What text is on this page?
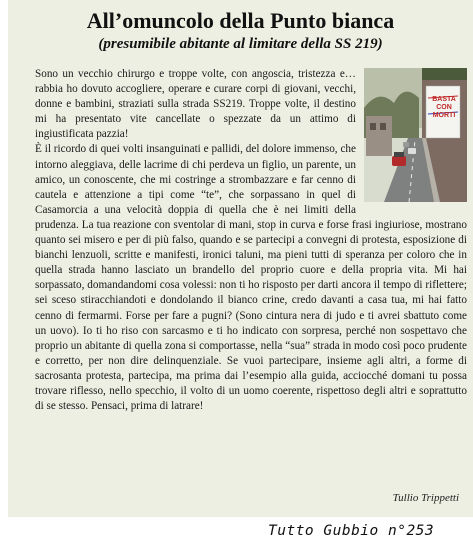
All’omuncolo della Punto bianca
(presumibile abitante al limitare della SS 219)
BASTA CON MORTI

Sono un vecchio chirurgo e troppe volte, con angoscia, tristezza e… rabbia ho dovuto accogliere, operare e curare corpi di giovani, vecchi, donne e bambini, straziati sulla strada SS219. Troppe volte, il destino mi ha presentato vite cancellate o spezzate da un attimo di ingiustificata pazzia!

È il ricordo di quei volti insanguinati e pallidi, del dolore immenso, che intorno aleggiava, delle lacrime di chi perdeva un figlio, un parente, un amico, un conoscente, che mi costringe a strombazzare e far cenno di cautela e attenzione a tipi come “te”, che sorpassano in quel di Casamorcia a una velocità doppia di quella che è nei limiti della prudenza. La tua reazione con sventolar di mani, stop in curva e forse frasi ingiuriose, mostrano quanto sei misero e per di più falso, quando e se partecipi a convegni di protesta, esposizione di bianchi lenzuoli, scritte e manifesti, ironici taluni, ma pieni tutti di speranza per coloro che in quella strada hanno lasciato un brandello del proprio cuore e della propria vita. Mi hai sorpassato, domandandomi cosa volessi: non ti ho risposto per darti ancora il tempo di riflettere; sei sceso stiracchiandoti e dondolando il bianco crine, credo davanti a casa tua, mi hai fatto cenno di fermarmi. Forse per fare a pugni? (Sono cintura nera di judo e ti avrei sbattuto come un uovo). Io ti ho riso con sarcasmo e ti ho indicato con sorpresa, perché non sospettavo che proprio un abitante di quella zona si comportasse, nella “sua” strada in modo così poco prudente e corretto, per non dire delinquenziale. Se vuoi partecipare, insieme agli altri, a forme di sacrosanta protesta, partecipa, ma prima dai l’esempio alla guida, acciocché domani tu possa trovare riflesso, nello specchio, il volto di un uomo coerente, rispettoso degli altri e soprattutto di se stesso. Pensaci, prima di latrare!

Tullio Trippetti
Tutto Gubbio n°253
